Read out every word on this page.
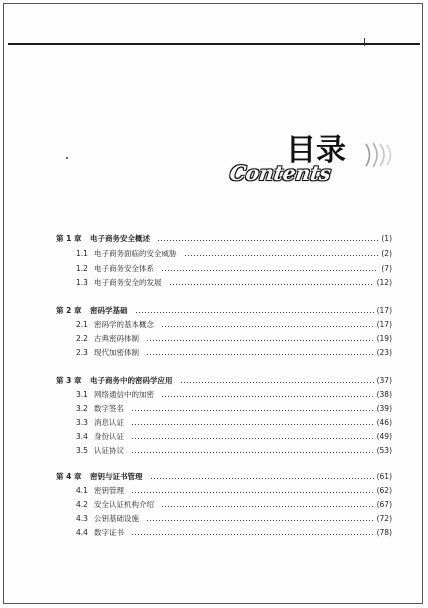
目录
Contents
第 1 章	电子商务安全概述	(1)
1.1 电子商务面临的安全威胁	(2)
1.2 电子商务安全体系	(7)
1.3 电子商务安全的发展	(12)
第 2 章	密码学基础	(17)
2.1 密码学的基本概念	(17)
2.2 古典密码体制	(19)
2.3 现代加密体制	(23)
第 3 章	电子商务中的密码学应用	(37)
3.1 网络通信中的加密	(38)
3.2 数字签名	(39)
3.3 消息认证	(46)
3.4 身份认证	(49)
3.5 认证协议	(53)
第 4 章	密钥与证书管理	(61)
4.1 密钥管理	(62)
4.2 安全认证机构介绍	(67)
4.3 公钥基础设施	(72)
4.4 数字证书	(78)
